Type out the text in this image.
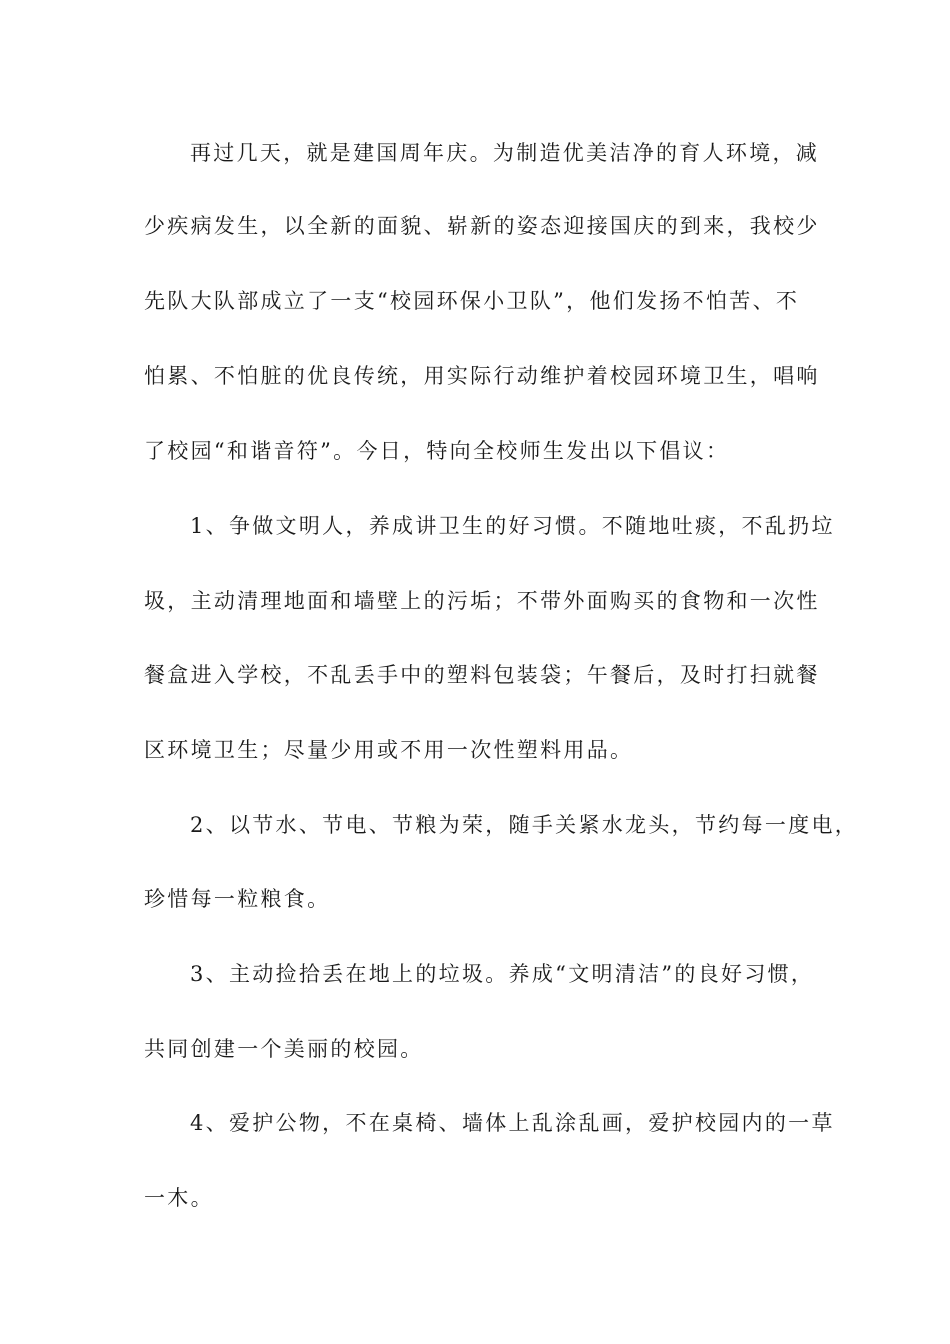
再过几天，就是建国周年庆。为制造优美洁净的育人环境，减

少疾病发生，以全新的面貌、崭新的姿态迎接国庆的到来，我校少

先队大队部成立了一支“校园环保小卫队”，他们发扬不怕苦、不

怕累、不怕脏的优良传统，用实际行动维护着校园环境卫生，唱响

了校园“和谐音符”。今日，特向全校师生发出以下倡议：

1、争做文明人，养成讲卫生的好习惯。不随地吐痰，不乱扔垃

圾，主动清理地面和墙壁上的污垢；不带外面购买的食物和一次性

餐盒进入学校，不乱丢手中的塑料包装袋；午餐后，及时打扫就餐

区环境卫生；尽量少用或不用一次性塑料用品。

2、以节水、节电、节粮为荣，随手关紧水龙头，节约每一度电，

珍惜每一粒粮食。

3、主动捡拾丢在地上的垃圾。养成“文明清洁”的良好习惯，

共同创建一个美丽的校园。

4、爱护公物，不在桌椅、墙体上乱涂乱画，爱护校园内的一草

一木。
